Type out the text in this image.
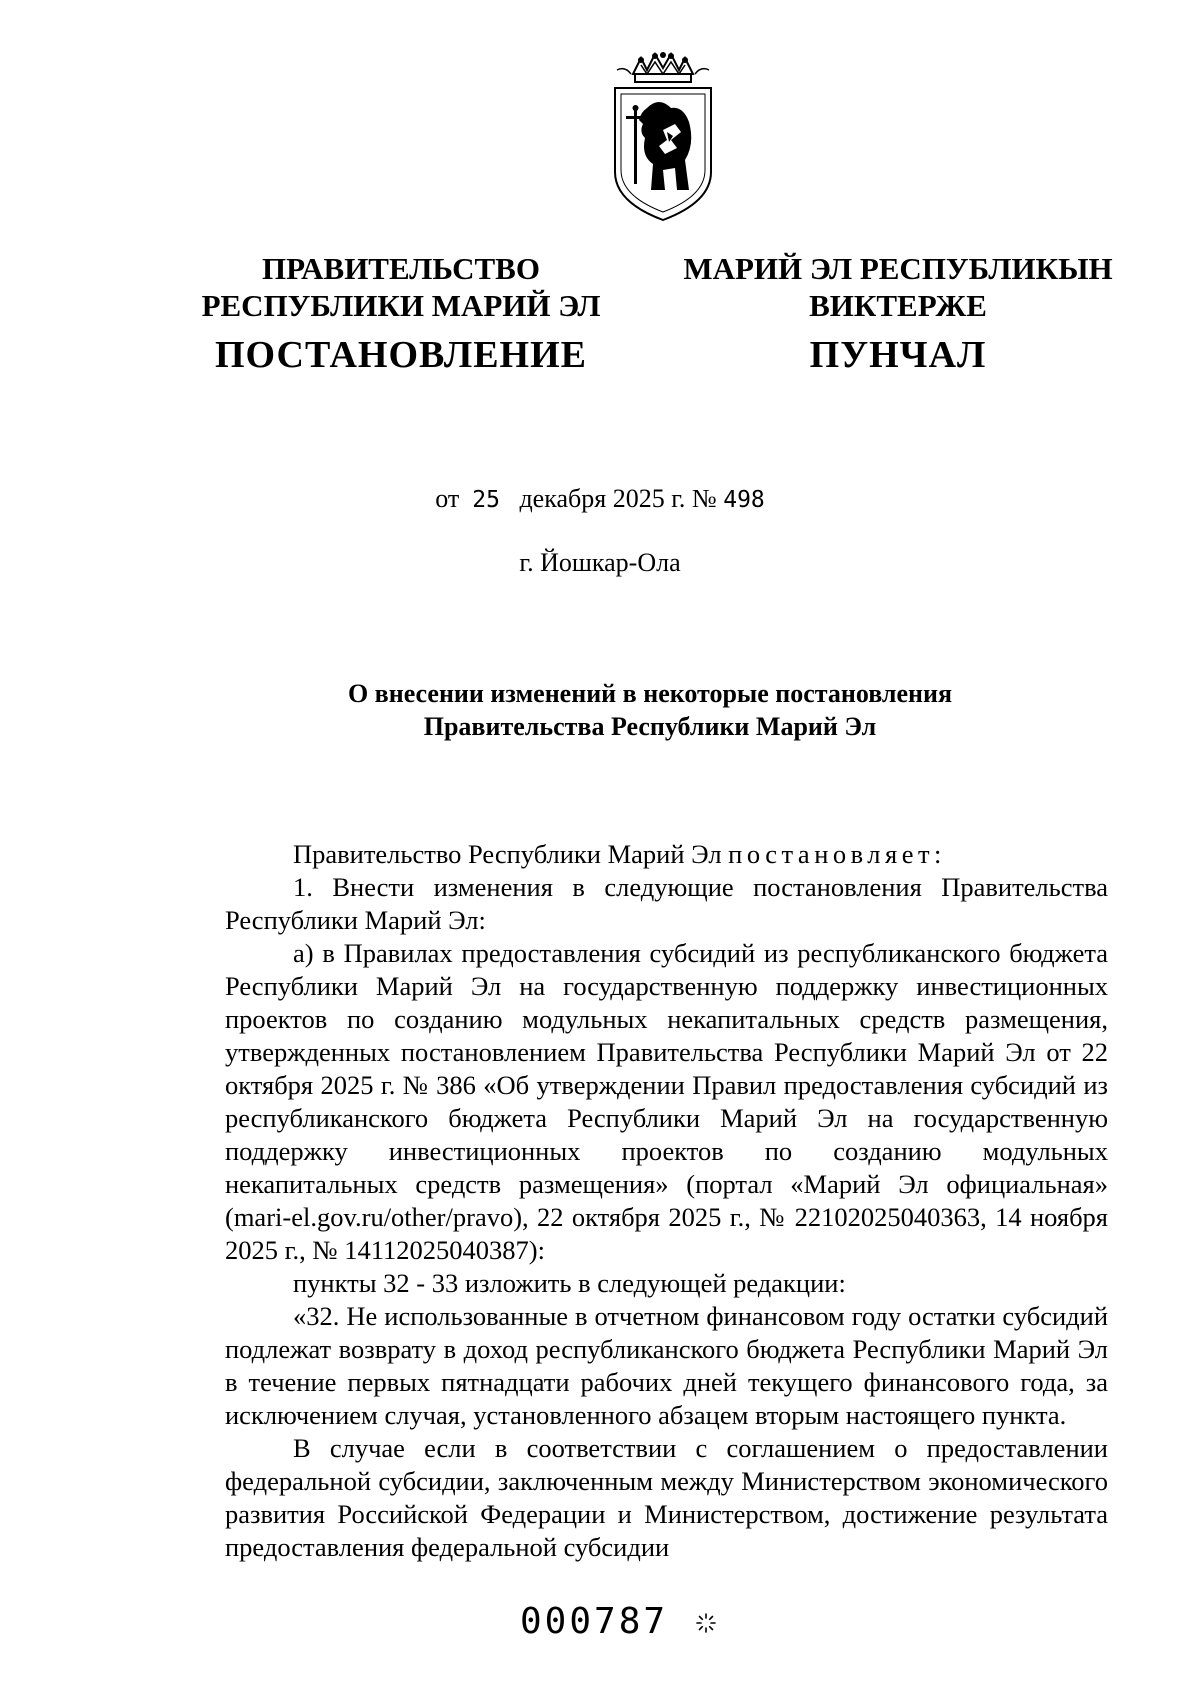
ПРАВИТЕЛЬСТВО
РЕСПУБЛИКИ МАРИЙ ЭЛ
ПОСТАНОВЛЕНИЕ
МАРИЙ ЭЛ РЕСПУБЛИКЫН
ВИКТЕРЖЕ
ПУНЧАЛ
от 25 декабря 2025 г. № 498
г. Йошкар-Ола
О внесении изменений в некоторые постановления
Правительства Республики Марий Эл

Правительство Республики Марий Эл постановляет:

1. Внести изменения в следующие постановления Правительства Республики Марий Эл:

а) в Правилах предоставления субсидий из республиканского бюджета Республики Марий Эл на государственную поддержку инвестиционных проектов по созданию модульных некапитальных средств размещения, утвержденных постановлением Правительства Республики Марий Эл от 22 октября 2025 г. № 386 «Об утверждении Правил предоставления субсидий из республиканского бюджета Республики Марий Эл на государственную поддержку инвестиционных проектов по созданию модульных некапитальных средств размещения» (портал «Марий Эл официальная» (mari-el.gov.ru/other/pravo), 22 октября 2025 г., № 22102025040363, 14 ноября 2025 г., № 14112025040387):

пункты 32 - 33 изложить в следующей редакции:

«32. Не использованные в отчетном финансовом году остатки субсидий подлежат возврату в доход республиканского бюджета Республики Марий Эл в течение первых пятнадцати рабочих дней текущего финансового года, за исключением случая, установленного абзацем вторым настоящего пункта.

В случае если в соответствии с соглашением о предоставлении федеральной субсидии, заключенным между Министерством экономического развития Российской Федерации и Министерством, достижение результата предоставления федеральной субсидии

000787
